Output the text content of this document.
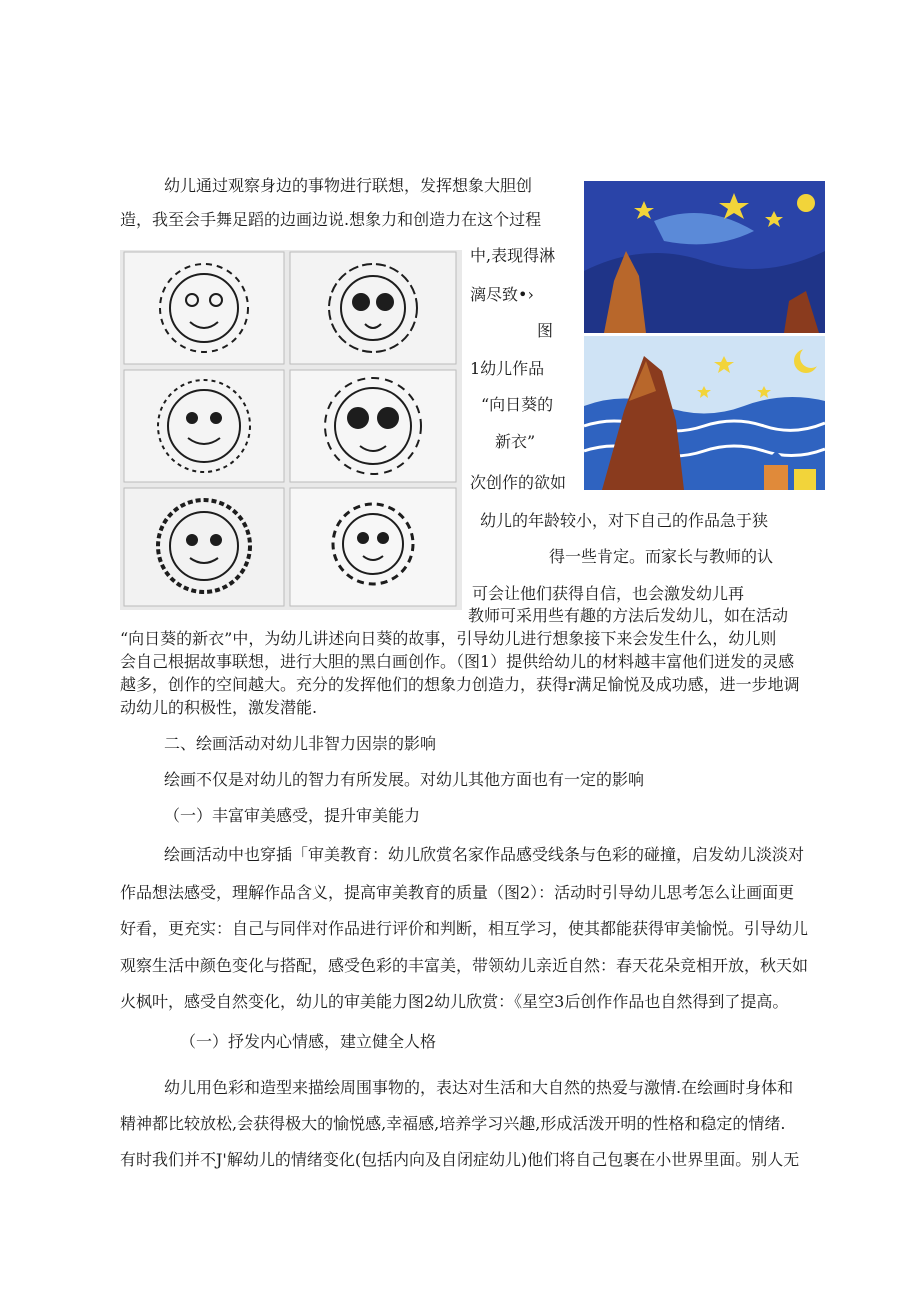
幼儿通过观察身边的事物进行联想，发挥想象大胆创
造，我至会手舞足蹈的边画边说.想象力和创造力在这个过程
中,表现得淋
漓尽致•›
图
1幼儿作品
“向日葵的
新衣”
次创作的欲如
幼儿的年龄较小，对下自己的作品急于狭
得一些肯定。而家长与教师的认
可会让他们获得自信，也会激发幼儿再
教师可采用些有趣的方法后发幼儿，如在活动
“向日葵的新衣”中，为幼儿讲述向日葵的故事，引导幼儿进行想象接下来会发生什么，幼儿则
会自己根据故事联想，进行大胆的黑白画创作。（图1）提供给幼儿的材料越丰富他们迸发的灵感
越多，创作的空间越大。充分的发挥他们的想象力创造力，获得r满足愉悦及成功感，进一步地调
动幼儿的积极性，激发潜能.
二、绘画活动对幼儿非智力因崇的影响
绘画不仅是对幼儿的智力有所发展。对幼儿其他方面也有一定的影响
（一）丰富审美感受，提升审美能力
绘画活动中也穿插「审美教育：幼儿欣赏名家作品感受线条与色彩的碰撞，启发幼儿淡淡对
作品想法感受，理解作品含义，提高审美教育的质量（图2）：活动时引导幼儿思考怎么让画面更
好看，更充实：自己与同伴对作品进行评价和判断，相互学习，使其都能获得审美愉悦。引导幼儿
观察生活中颜色变化与搭配，感受色彩的丰富美，带领幼儿亲近自然：春天花朵竞相开放，秋天如
火枫叶，感受自然变化，幼儿的审美能力图2幼儿欣赏：《星空3后创作作品也自然得到了提高。
（一）抒发内心情感，建立健全人格
幼儿用色彩和造型来描绘周围事物的，表达对生活和大自然的热爱与激情.在绘画时身体和
精神都比较放松,会获得极大的愉悦感,幸福感,培养学习兴趣,形成活泼开明的性格和稳定的情绪.
有时我们并不J'解幼儿的情绪变化(包括内向及自闭症幼儿)他们将自己包裹在小世界里面。别人无
